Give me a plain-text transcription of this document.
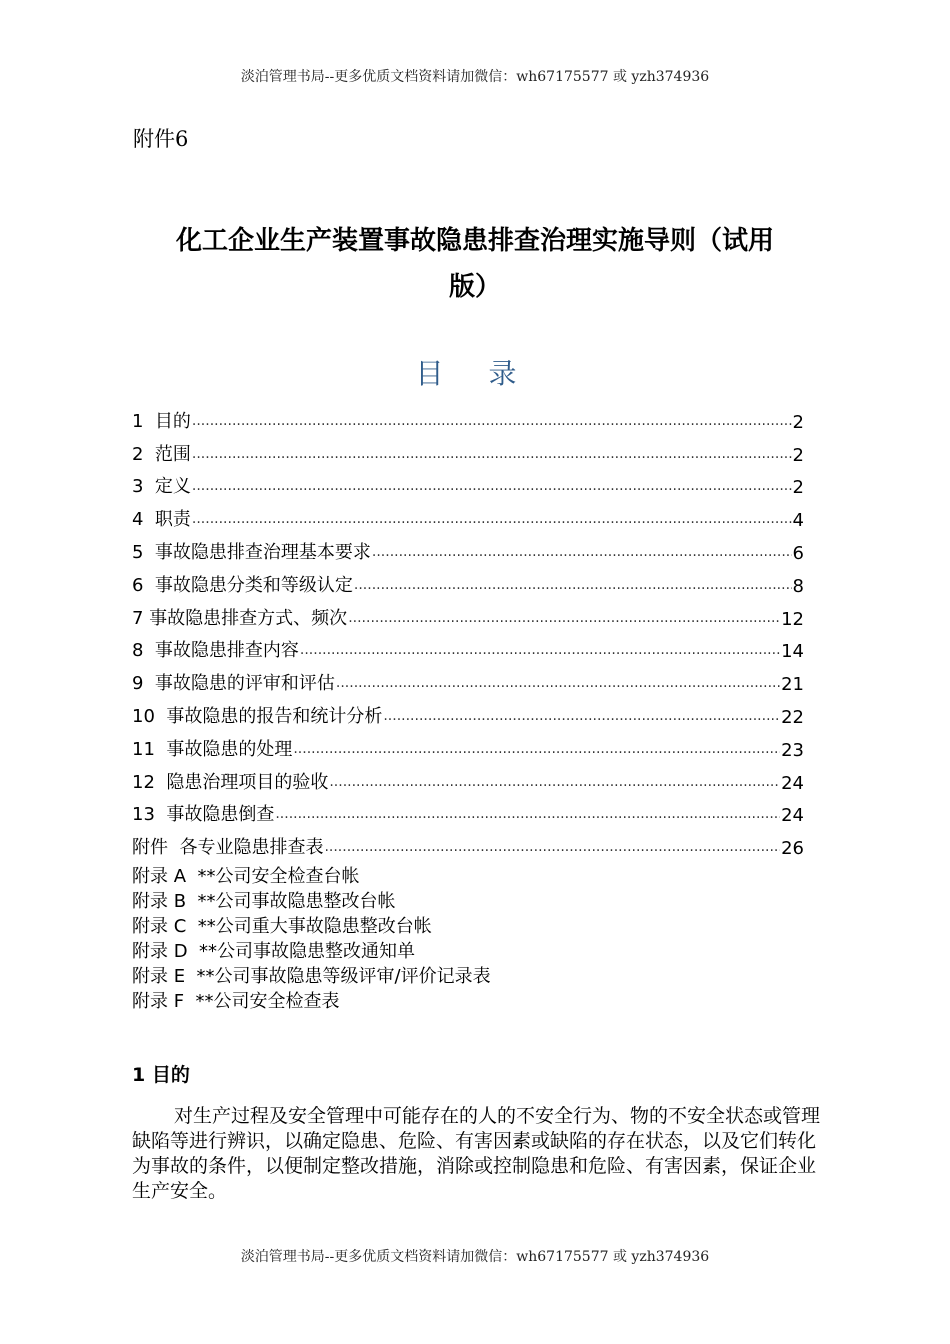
淡泊管理书局--更多优质文档资料请加微信：wh67175577 或 yzh374936
附件6
化工企业生产装置事故隐患排查治理实施导则（试用
版）
目 录
1  目的 .....	2
2  范围 .....	2
3  定义 .....	2
4  职责 .....	4
5  事故隐患排查治理基本要求 .....	6
6  事故隐患分类和等级认定 .....	8
7 事故隐患排查方式、频次 .....	12
8  事故隐患排查内容 .....	14
9  事故隐患的评审和评估 .....	21
10  事故隐患的报告和统计分析 .....	22
11  事故隐患的处理 .....	23
12  隐患治理项目的验收 .....	24
13  事故隐患倒查 .....	24
附件  各专业隐患排查表 .....	26
附录 A  **公司安全检查台帐
附录 B  **公司事故隐患整改台帐
附录 C  **公司重大事故隐患整改台帐
附录 D  **公司事故隐患整改通知单
附录 E  **公司事故隐患等级评审/评价记录表
附录 F  **公司安全检查表
1 目的

对生产过程及安全管理中可能存在的人的不安全行为、物的不安全状态或管理缺陷等进行辨识，以确定隐患、危险、有害因素或缺陷的存在状态，以及它们转化为事故的条件，以便制定整改措施，消除或控制隐患和危险、有害因素，保证企业生产安全。

淡泊管理书局--更多优质文档资料请加微信：wh67175577 或 yzh374936
